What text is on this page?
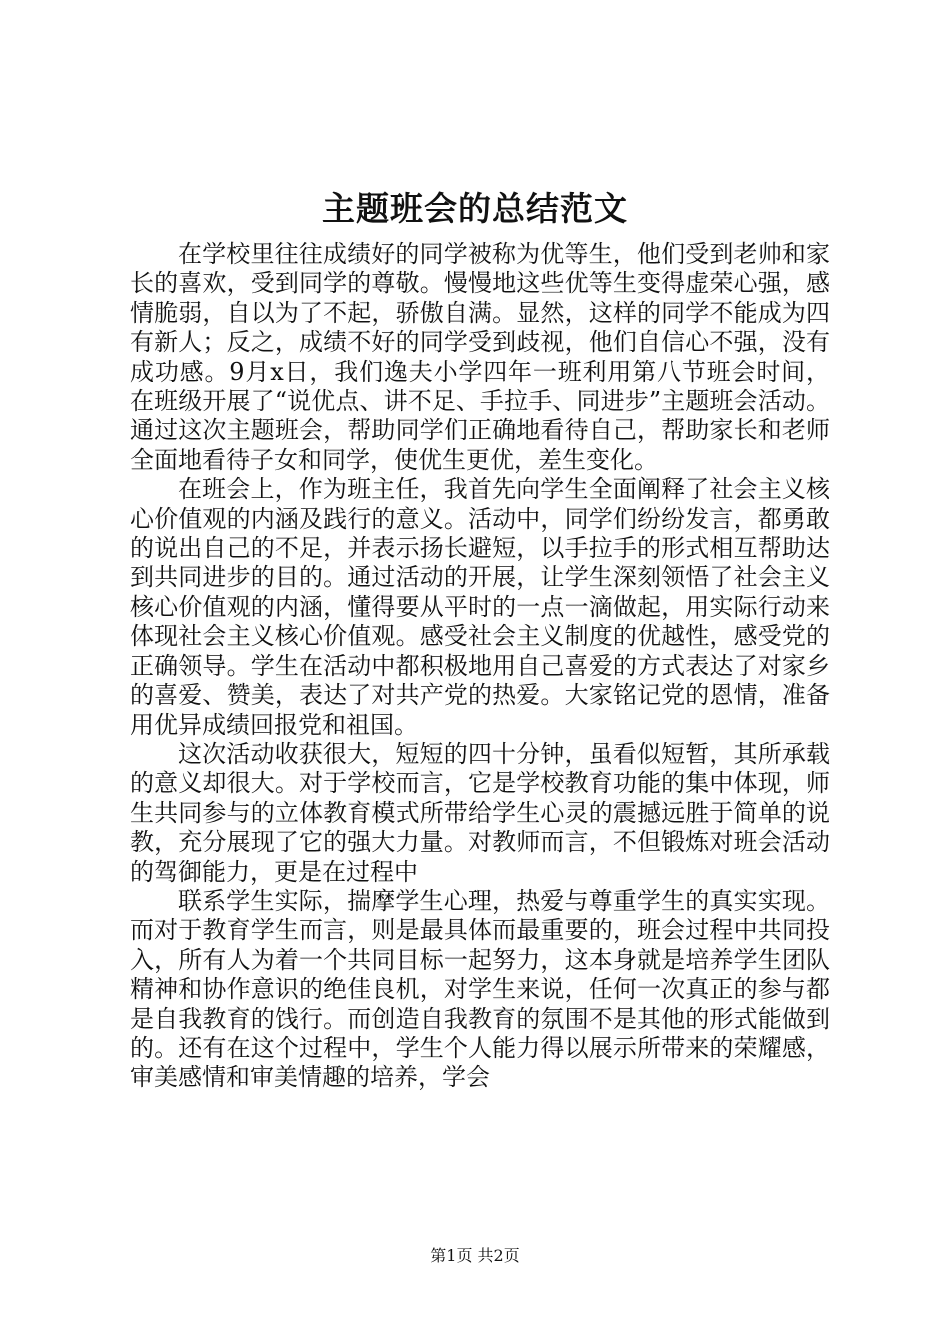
主题班会的总结范文

在学校里往往成绩好的同学被称为优等生，他们受到老帅和家长的喜欢，受到同学的尊敬。慢慢地这些优等生变得虚荣心强，感情脆弱，自以为了不起，骄傲自满。显然，这样的同学不能成为四有新人；反之，成绩不好的同学受到歧视，他们自信心不强，没有成功感。9月x日，我们逸夫小学四年一班利用第八节班会时间，在班级开展了“说优点、讲不足、手拉手、同进步”主题班会活动。通过这次主题班会，帮助同学们正确地看待自己，帮助家长和老师全面地看待子女和同学，使优生更优，差生变化。

在班会上，作为班主任，我首先向学生全面阐释了社会主义核心价值观的内涵及践行的意义。活动中，同学们纷纷发言，都勇敢的说出自己的不足，并表示扬长避短，以手拉手的形式相互帮助达到共同进步的目的。通过活动的开展，让学生深刻领悟了社会主义核心价值观的内涵，懂得要从平时的一点一滴做起，用实际行动来体现社会主义核心价值观。感受社会主义制度的优越性，感受党的正确领导。学生在活动中都积极地用自己喜爱的方式表达了对家乡的喜爱、赞美，表达了对共产党的热爱。大家铭记党的恩情，准备用优异成绩回报党和祖国。

这次活动收获很大，短短的四十分钟，虽看似短暂，其所承载的意义却很大。对于学校而言，它是学校教育功能的集中体现，师生共同参与的立体教育模式所带给学生心灵的震撼远胜于简单的说教，充分展现了它的强大力量。对教师而言，不但锻炼对班会活动的驾御能力，更是在过程中

联系学生实际，揣摩学生心理，热爱与尊重学生的真实实现。而对于教育学生而言，则是最具体而最重要的，班会过程中共同投入，所有人为着一个共同目标一起努力，这本身就是培养学生团队精神和协作意识的绝佳良机，对学生来说，任何一次真正的参与都是自我教育的饯行。而创造自我教育的氛围不是其他的形式能做到的。还有在这个过程中，学生个人能力得以展示所带来的荣耀感，审美感情和审美情趣的培养，学会

第1页 共2页
